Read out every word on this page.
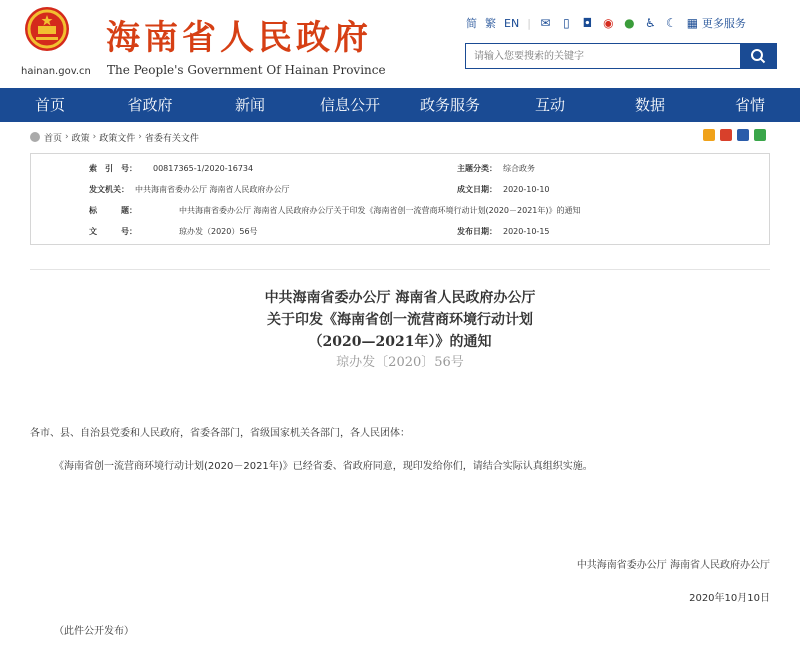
hainan.gov.cn
海南省人民政府
The People's Government Of Hainan Province
简 繁 EN | ✉ ▯ ◘ ◉ ● ♿ ☾ ▦ 更多服务
请输入您要搜索的关键字
首页	省政府	新闻	信息公开	政务服务	互动	数据	省情
首页 › 政策 › 政策文件 › 省委有关文件
索　引　号： 00817365-1/2020-16734	主题分类： 综合政务
发文机关： 中共海南省委办公厅 海南省人民政府办公厅	成文日期： 2020-10-10
标　　　题：	中共海南省委办公厅 海南省人民政府办公厅关于印发《海南省创一流营商环境行动计划(2020－2021年)》的通知
文　　　号：	琼办发（2020）56号	发布日期： 2020-10-15
中共海南省委办公厅 海南省人民政府办公厅
关于印发《海南省创一流营商环境行动计划
（2020—2021年）》的通知
琼办发〔2020〕56号
各市、县、自治县党委和人民政府，省委各部门，省级国家机关各部门，各人民团体：
《海南省创一流营商环境行动计划(2020－2021年)》已经省委、省政府同意，现印发给你们，请结合实际认真组织实施。
中共海南省委办公厅 海南省人民政府办公厅
2020年10月10日
（此件公开发布）
